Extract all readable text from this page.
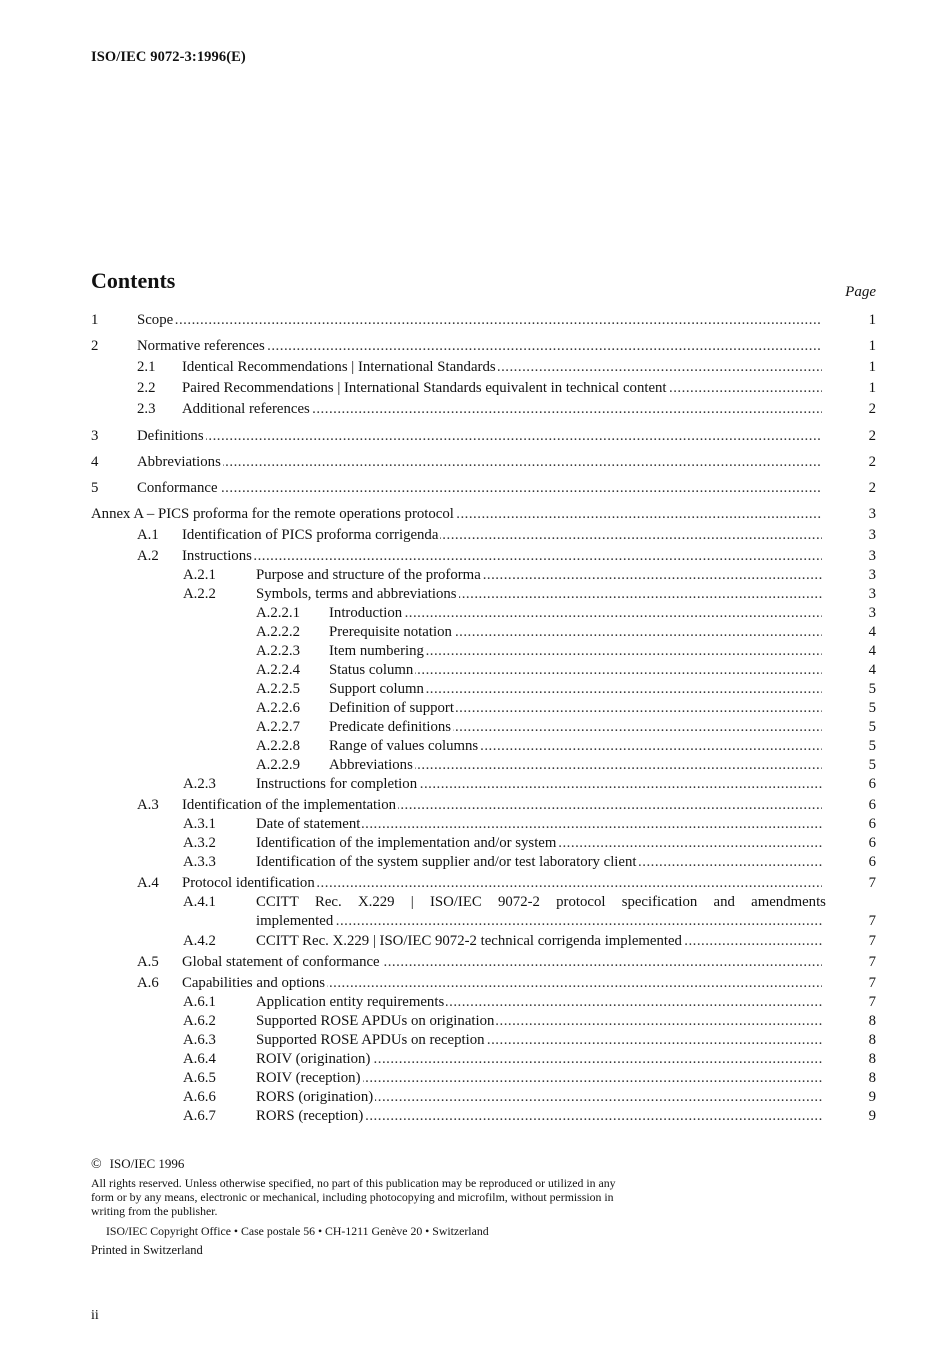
ISO/IEC 9072-3:1996(E)
Contents	Page
1	Scope . . .	1
2	Normative references . . .	1
2.1 Identical Recommendations | International Standards . . .	1
2.2 Paired Recommendations | International Standards equivalent in technical content . . .	1
2.3 Additional references . . .	2
3	Definitions . . .	2
4	Abbreviations . . .	2
5	Conformance . . .	2
Annex A – PICS proforma for the remote operations protocol . . .	3
A.1 Identification of PICS proforma corrigenda . . .	3
A.2 Instructions . . .	3
A.2.1	Purpose and structure of the proforma . . .	3
A.2.2	Symbols, terms and abbreviations . . .	3
A.2.2.1 Introduction . . .	3
A.2.2.2 Prerequisite notation . . .	4
A.2.2.3 Item numbering . . .	4
A.2.2.4 Status column . . .	4
A.2.2.5 Support column . . .	5
A.2.2.6 Definition of support . . .	5
A.2.2.7 Predicate definitions . . .	5
A.2.2.8 Range of values columns . . .	5
A.2.2.9 Abbreviations . . .	5
A.2.3	Instructions for completion . . .	6
A.3 Identification of the implementation . . .	6
A.3.1	Date of statement . . .	6
A.3.2	Identification of the implementation and/or system . . .	6
A.3.3	Identification of the system supplier and/or test laboratory client . . .	6
A.4 Protocol identification . . .	7
A.4.1	CCITT Rec. X.229 | ISO/IEC 9072-2 protocol specification and amendments
implemented . . .	7
A.4.2	CCITT Rec. X.229 | ISO/IEC 9072-2 technical corrigenda implemented . . .	7
A.5 Global statement of conformance . . .	7
A.6 Capabilities and options . . .	7
A.6.1	Application entity requirements . . .	7
A.6.2	Supported ROSE APDUs on origination . . .	8
A.6.3	Supported ROSE APDUs on reception . . .	8
A.6.4	ROIV (origination) . . .	8
A.6.5	ROIV (reception) . . .	8
A.6.6	RORS (origination) . . .	9
A.6.7	RORS (reception) . . .	9
© ISO/IEC 1996
All rights reserved. Unless otherwise specified, no part of this publication may be reproduced or utilized in any form or by any means, electronic or mechanical, including photocopying and microfilm, without permission in writing from the publisher.
ISO/IEC Copyright Office • Case postale 56 • CH-1211 Genève 20 • Switzerland
Printed in Switzerland
ii
